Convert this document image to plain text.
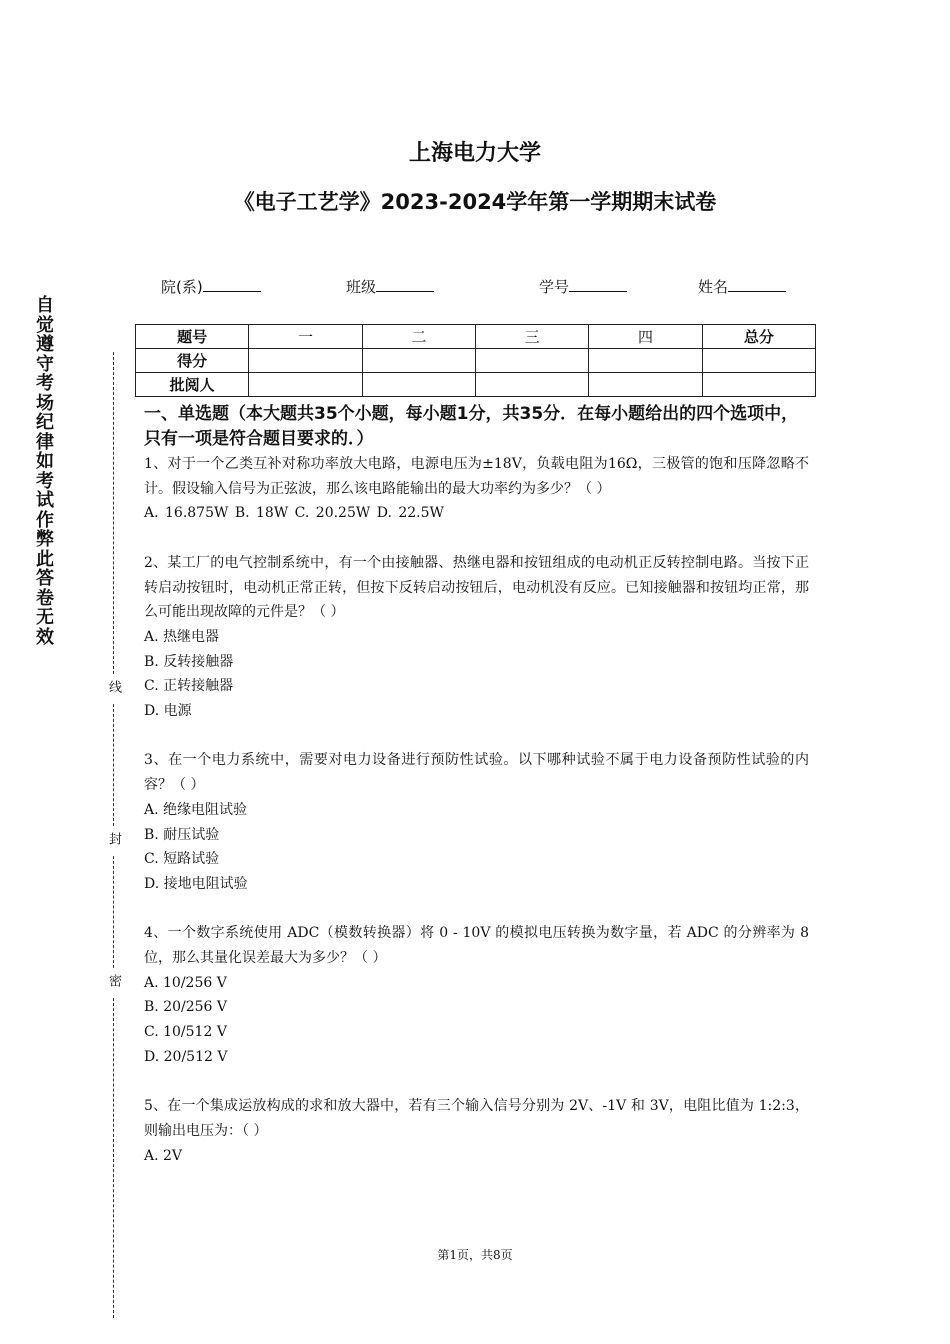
上海电力大学
《电子工艺学》2023-2024学年第一学期期末试卷
自觉遵守考场纪律如考试作弊此答卷无效
线
封
密
院(系)	班级	学号	姓名
题号	一	二	三	四	总分
得分					
批阅人					
一、单选题（本大题共35个小题，每小题1分，共35分．在每小题给出的四个选项中，只有一项是符合题目要求的．）

1、对于一个乙类互补对称功率放大电路，电源电压为±18V，负载电阻为16Ω，三极管的饱和压降忽略不计。假设输入信号为正弦波，那么该电路能输出的最大功率约为多少？（ ）

A. 16.875W B. 18W C. 20.25W D. 22.5W

2、某工厂的电气控制系统中，有一个由接触器、热继电器和按钮组成的电动机正反转控制电路。当按下正转启动按钮时，电动机正常正转，但按下反转启动按钮后，电动机没有反应。已知接触器和按钮均正常，那么可能出现故障的元件是？（ ）

A. 热继电器

B. 反转接触器

C. 正转接触器

D. 电源

3、在一个电力系统中，需要对电力设备进行预防性试验。以下哪种试验不属于电力设备预防性试验的内容？（ ）

A. 绝缘电阻试验

B. 耐压试验

C. 短路试验

D. 接地电阻试验

4、一个数字系统使用 ADC（模数转换器）将 0 - 10V 的模拟电压转换为数字量，若 ADC 的分辨率为 8 位，那么其量化误差最大为多少？（ ）

A. 10/256 V

B. 20/256 V

C. 10/512 V

D. 20/512 V

5、在一个集成运放构成的求和放大器中，若有三个输入信号分别为 2V、-1V 和 3V，电阻比值为 1:2:3，则输出电压为：（ ）

A. 2V

第1页，共8页
